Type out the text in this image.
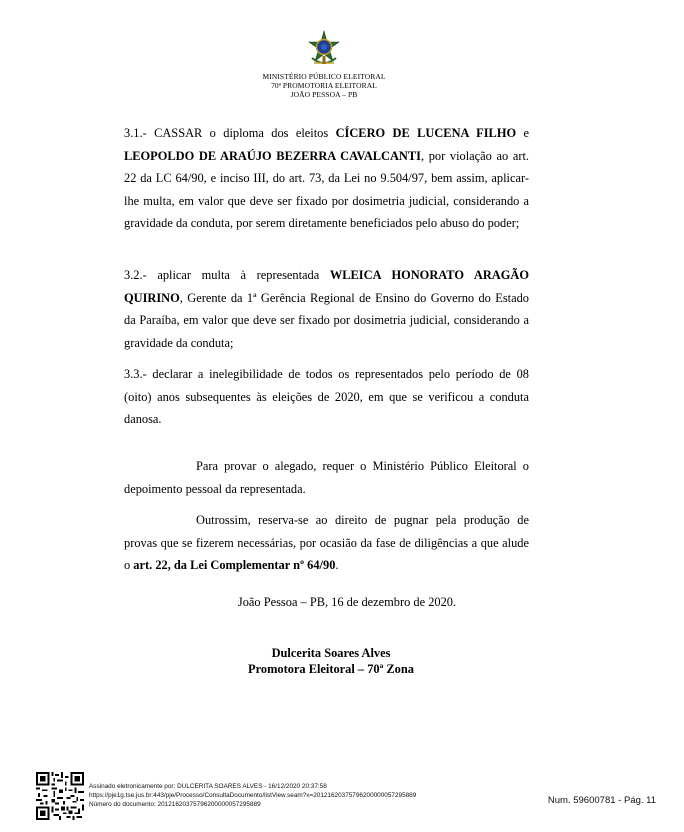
MINISTÉRIO PÚBLICO ELEITORAL
70ª PROMOTORIA ELEITORAL
JOÃO PESSOA – PB

3.1.- CASSAR o diploma dos eleitos CÍCERO DE LUCENA FILHO e LEOPOLDO DE ARAÚJO BEZERRA CAVALCANTI, por violação ao art. 22 da LC 64/90, e inciso III, do art. 73, da Lei no 9.504/97, bem assim, aplicar-lhe multa, em valor que deve ser fixado por dosimetria judicial, considerando a gravidade da conduta, por serem diretamente beneficiados pelo abuso do poder;

3.2.- aplicar multa à representada WLEICA HONORATO ARAGÃO QUIRINO, Gerente da 1ª Gerência Regional de Ensino do Governo do Estado da Paraíba, em valor que deve ser fixado por dosimetria judicial, considerando a gravidade da conduta;

3.3.- declarar a inelegibilidade de todos os representados pelo período de 08 (oito) anos subsequentes às eleições de 2020, em que se verificou a conduta danosa.

Para provar o alegado, requer o Ministério Público Eleitoral o depoimento pessoal da representada.

Outrossim, reserva-se ao direito de pugnar pela produção de provas que se fizerem necessárias, por ocasião da fase de diligências a que alude o art. 22, da Lei Complementar nº 64/90.

João Pessoa – PB, 16 de dezembro de 2020.
Dulcerita Soares Alves
Promotora Eleitoral – 70ª Zona
Assinado eletronicamente por: DULCERITA SOARES ALVES - 16/12/2020 20:37:58
https://pje1g.tse.jus.br:443/pje/Processo/ConsultaDocumento/listView.seam?x=20121620375796200000057295889
Número do documento: 20121620375796200000057295889	Num. 59600781 - Pág. 11
